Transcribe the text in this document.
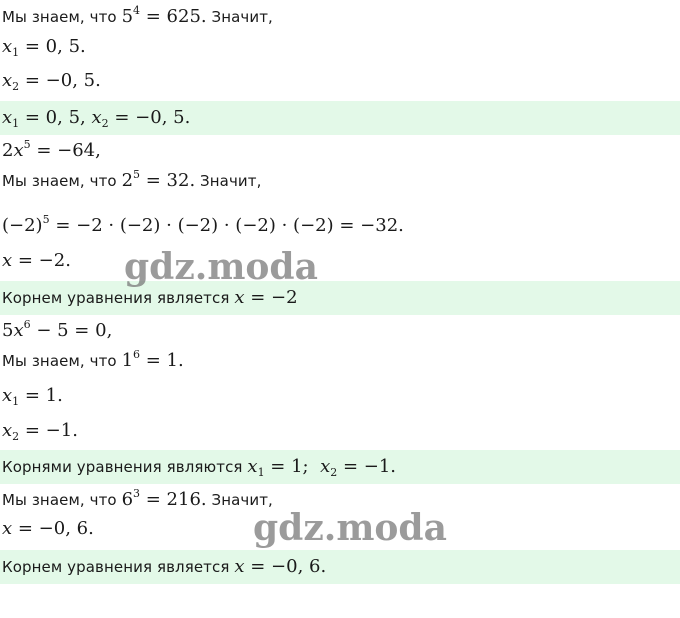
Мы знаем, что $5^4 = 625$. Значит,
$x_1 = 0$, 5.
$x_2 = -0$, 5.
$x_1 = 0$, 5, $x_2 = -0$, 5.
$2x^5 = -64$,
Мы знаем, что $2^5 = 32$. Значит,
$(-2)^5 = -2 \cdot (-2) \cdot (-2) \cdot (-2) \cdot (-2) = -32$.
x = −2.
Корнем уравнения является x = −2
$5x^6 - 5 = 0$,
Мы знаем, что $1^6 = 1$.
$x_1 = 1$.
$x_2 = -1$.
Корнями уравнения являются $x_1 = 1$;  $x_2 = -1$.
Мы знаем, что $6^3 = 216$. Значит,
x = −0, 6.
Корнем уравнения является x = −0, 6.
gdz.moda
gdz.moda
